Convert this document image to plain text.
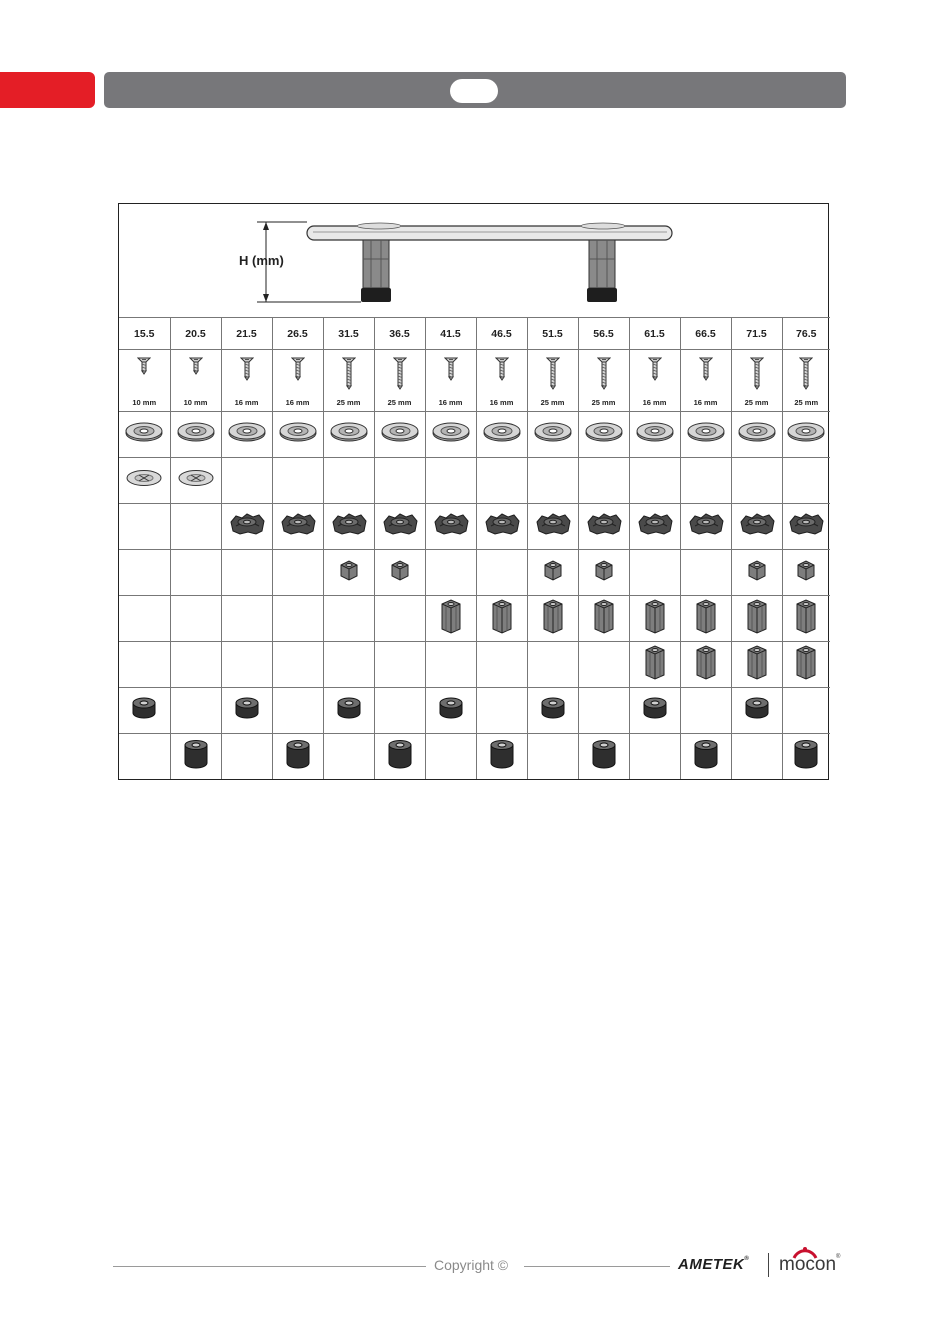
H (mm)
15.5	20.5	21.5	26.5	31.5	36.5	41.5	46.5	51.5	56.5	61.5	66.5	71.5	76.5

10 mm	10 mm	16 mm	16 mm	25 mm	25 mm	16 mm	16 mm	25 mm	25 mm	16 mm	16 mm	25 mm	25 mm

Copyright ©	AMETEK® mocon®
